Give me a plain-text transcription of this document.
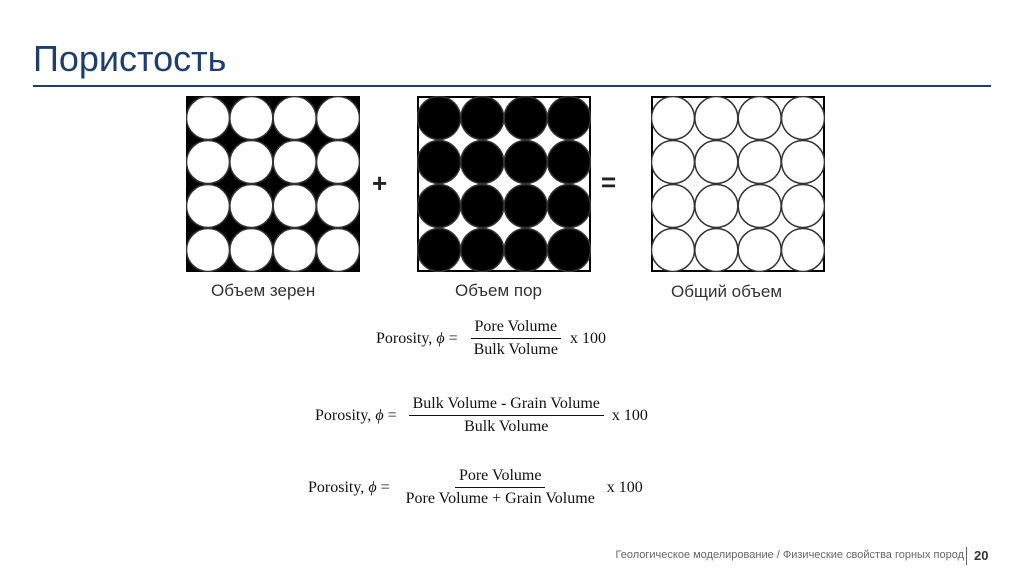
Пористость
Объем зерен
+
Объем пор
=
Общий объем
Porosity, $\phi = \frac{\text{Pore Volume}}{\text{Bulk Volume}}$ x 100
Porosity, $\phi = \frac{\text{Bulk Volume - Grain Volume}}{\text{Bulk Volume}}$ x 100
Porosity, $\phi = \frac{\text{Pore Volume}}{\text{Pore Volume + Grain Volume}}$ x 100
Геологическое моделирование / Физические свойства горных пород 20
